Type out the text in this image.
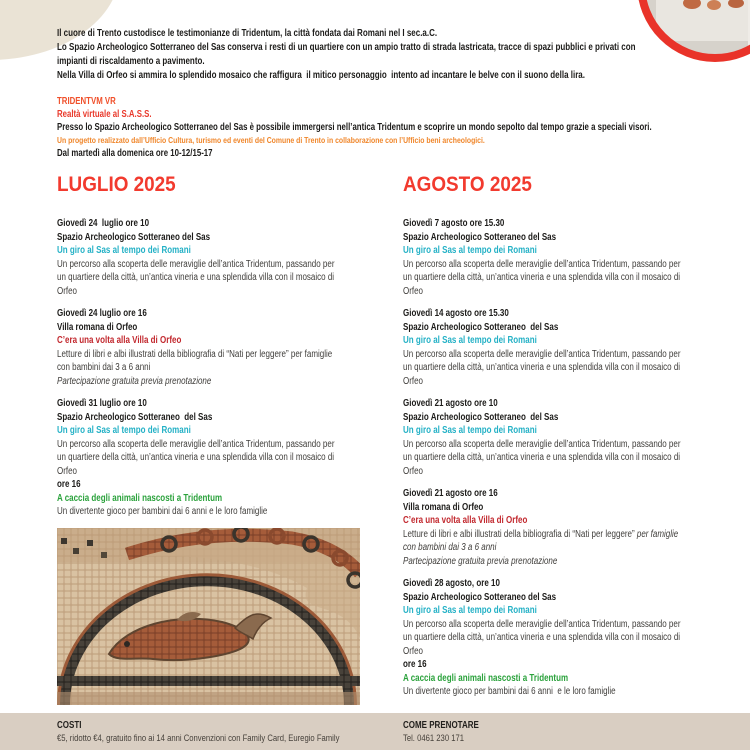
Il cuore di Trento custodisce le testimonianze di Tridentum, la città fondata dai Romani nel I sec.a.C.
Lo Spazio Archeologico Sotterraneo del Sas conserva i resti di un quartiere con un ampio tratto di strada lastricata, tracce di spazi pubblici e privati con
impianti di riscaldamento a pavimento.
Nella Villa di Orfeo si ammira lo splendido mosaico che raffigura  il mitico personaggio  intento ad incantare le belve con il suono della lira.
TRIDENTVM VR
Realtà virtuale al S.A.S.S.
Presso lo Spazio Archeologico Sotterraneo del Sas è possibile immergersi nell’antica Tridentum e scoprire un mondo sepolto dal tempo grazie a speciali visori.
Un progetto realizzato dall’Ufficio Cultura, turismo ed eventi del Comune di Trento in collaborazione con l’Ufficio beni archeologici.
Dal martedì alla domenica ore 10-12/15-17
LUGLIO 2025
Giovedì 24  luglio ore 10
Spazio Archeologico Sotteraneo del Sas
Un giro al Sas al tempo dei Romani
Un percorso alla scoperta delle meraviglie dell’antica Tridentum, passando per
un quartiere della città, un’antica vineria e una splendida villa con il mosaico di
Orfeo
Giovedì 24 luglio ore 16
Villa romana di Orfeo
C’era una volta alla Villa di Orfeo
Letture di libri e albi illustrati della bibliografia di “Nati per leggere” per famiglie
con bambini dai 3 a 6 anni
Partecipazione gratuita previa prenotazione
Giovedì 31 luglio ore 10
Spazio Archeologico Sotteraneo  del Sas
Un giro al Sas al tempo dei Romani
Un percorso alla scoperta delle meraviglie dell’antica Tridentum, passando per
un quartiere della città, un’antica vineria e una splendida villa con il mosaico di
Orfeo
ore 16
A caccia degli animali nascosti a Tridentum
Un divertente gioco per bambini dai 6 anni e le loro famiglie
AGOSTO 2025
Giovedì 7 agosto ore 15.30
Spazio Archeologico Sotteraneo del Sas
Un giro al Sas al tempo dei Romani
Un percorso alla scoperta delle meraviglie dell’antica Tridentum, passando per
un quartiere della città, un’antica vineria e una splendida villa con il mosaico di
Orfeo
Giovedì 14 agosto ore 15.30
Spazio Archeologico Sotteraneo  del Sas
Un giro al Sas al tempo dei Romani
Un percorso alla scoperta delle meraviglie dell’antica Tridentum, passando per
un quartiere della città, un’antica vineria e una splendida villa con il mosaico di
Orfeo
Giovedì 21 agosto ore 10
Spazio Archeologico Sotteraneo  del Sas
Un giro al Sas al tempo dei Romani
Un percorso alla scoperta delle meraviglie dell’antica Tridentum, passando per
un quartiere della città, un’antica vineria e una splendida villa con il mosaico di
Orfeo
Giovedì 21 agosto ore 16
Villa romana di Orfeo
C’era una volta alla Villa di Orfeo
Letture di libri e albi illustrati della bibliografia di “Nati per leggere” per famiglie
con bambini dai 3 a 6 anni
Partecipazione gratuita previa prenotazione
Giovedì 28 agosto, ore 10
Spazio Archeologico Sotteraneo del Sas
Un giro al Sas al tempo dei Romani
Un percorso alla scoperta delle meraviglie dell’antica Tridentum, passando per
un quartiere della città, un’antica vineria e una splendida villa con il mosaico di
Orfeo
ore 16
A caccia degli animali nascosti a Tridentum
Un divertente gioco per bambini dai 6 anni  e le loro famiglie
COSTI
€5, ridotto €4, gratuito fino ai 14 anni Convenzioni con Family Card, Euregio Family
COME PRENOTARE
Tel. 0461 230 171
